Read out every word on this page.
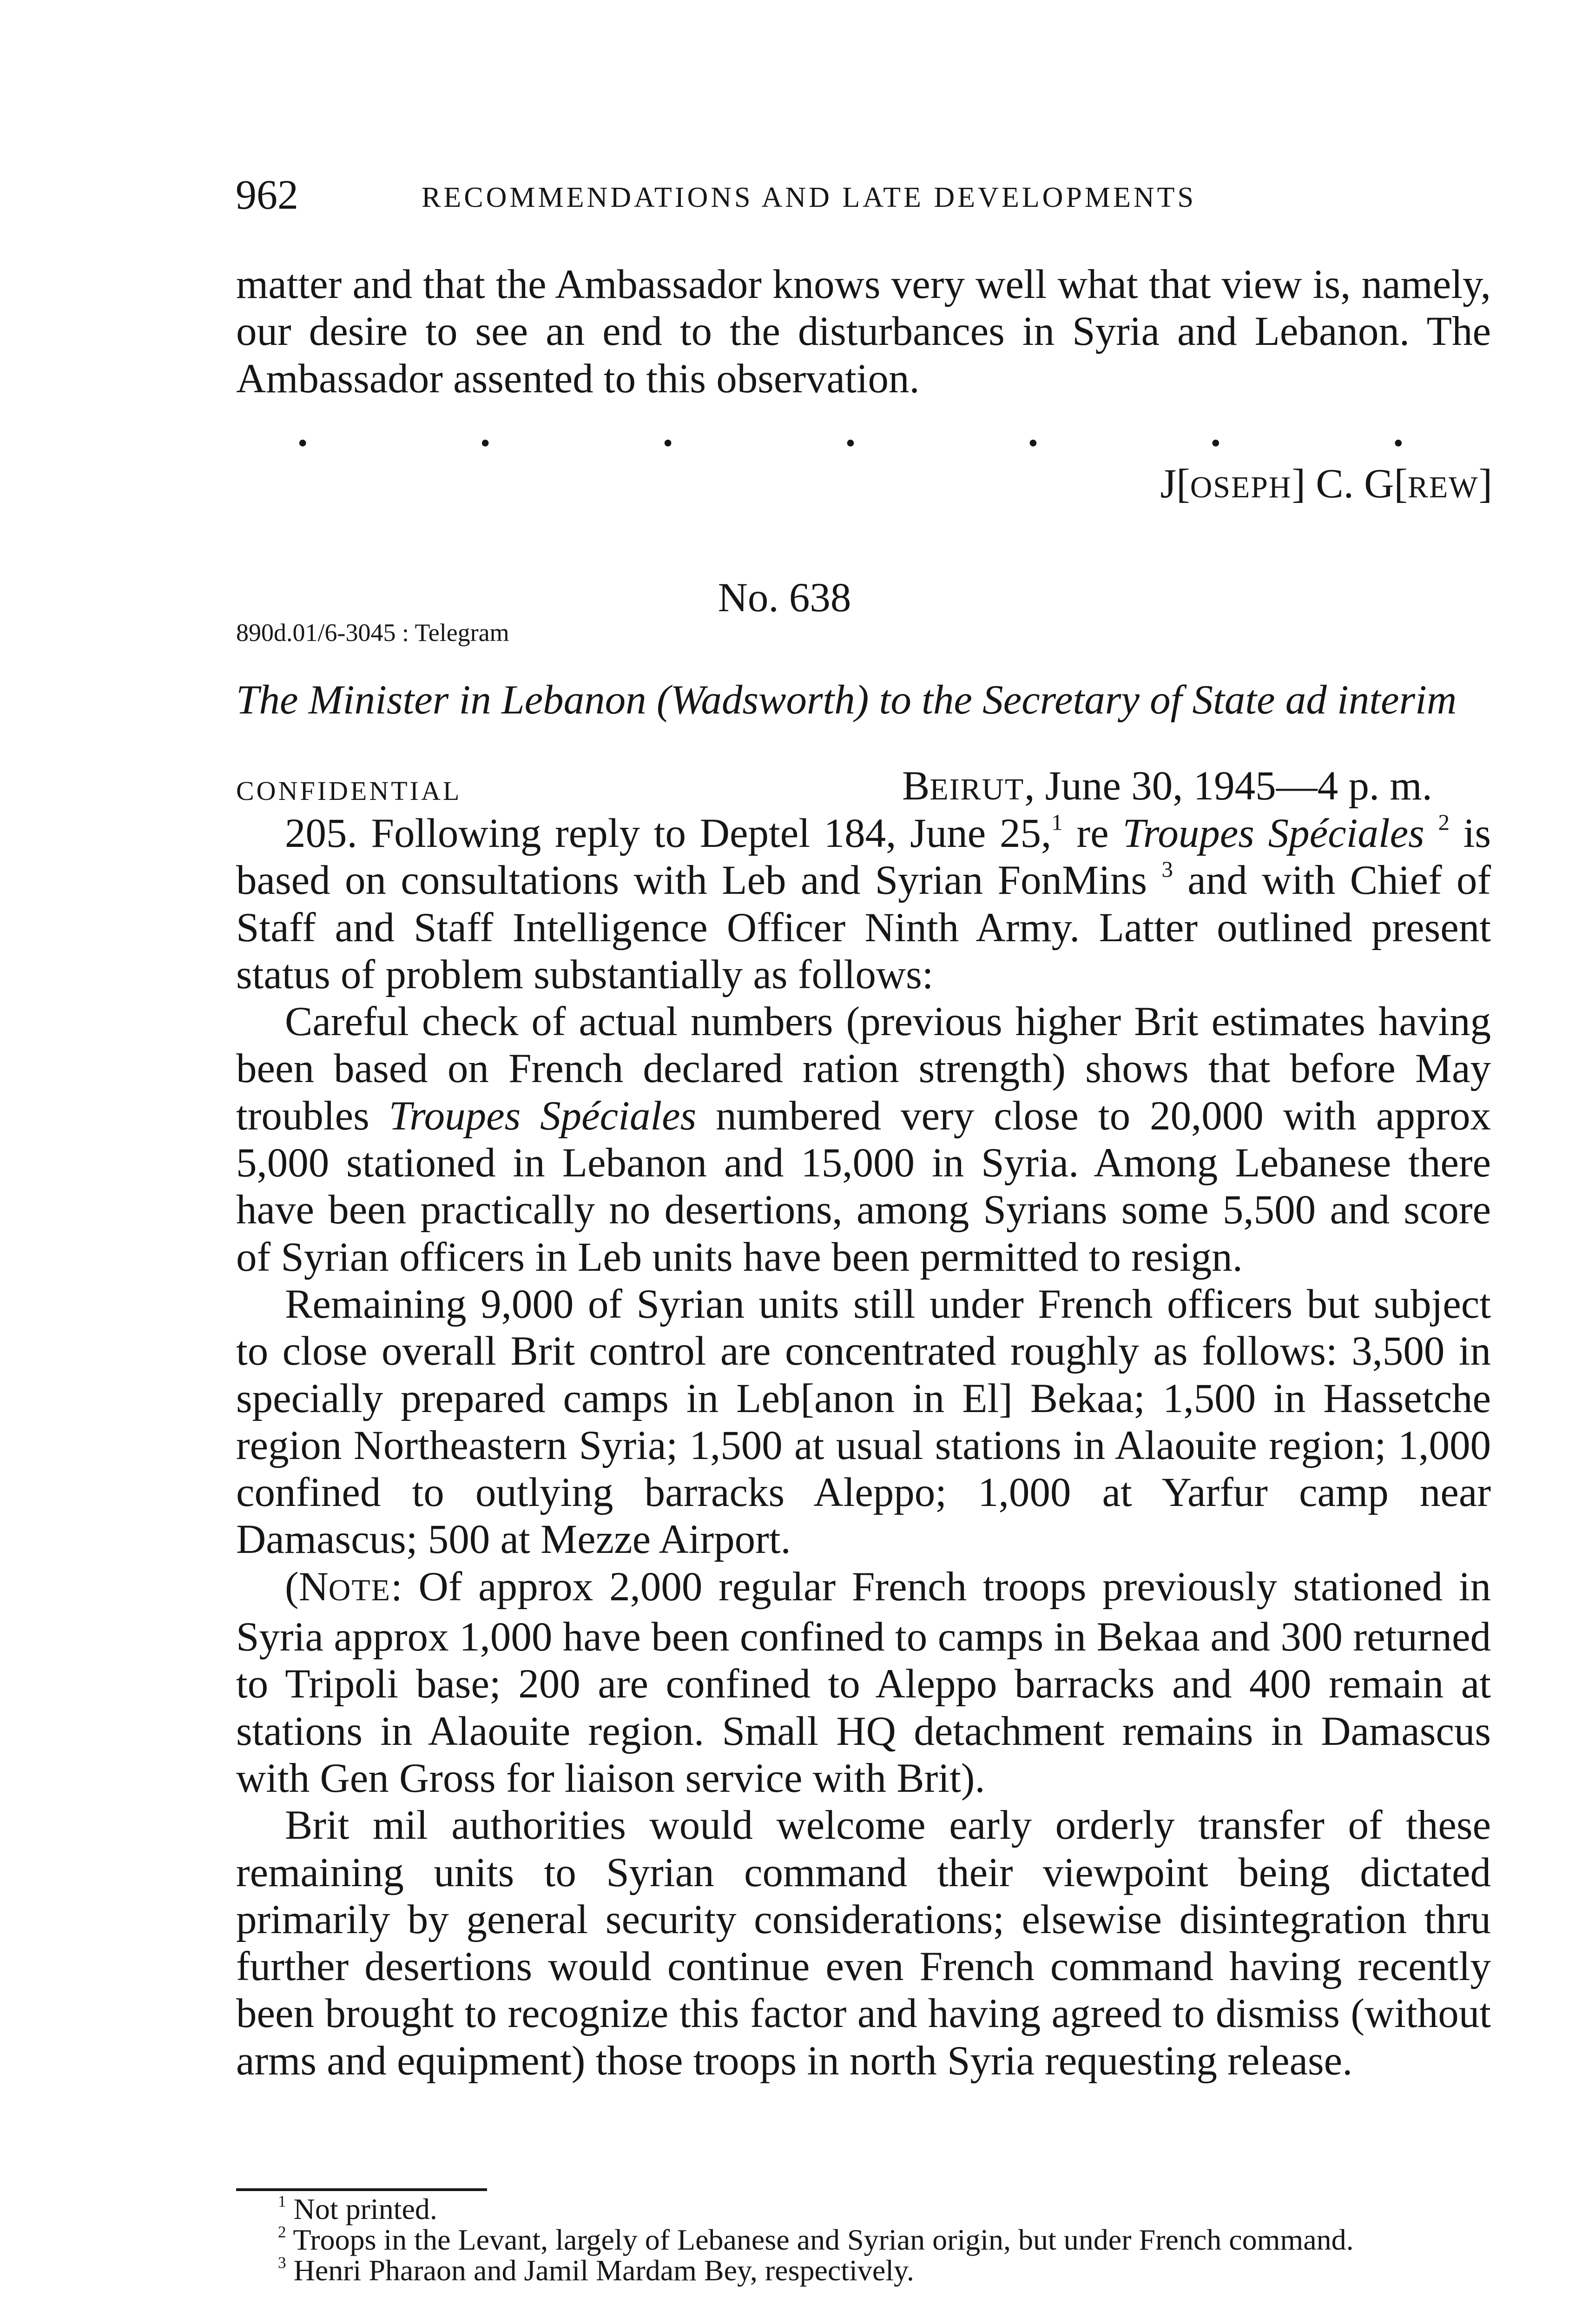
962	RECOMMENDATIONS AND LATE DEVELOPMENTS

matter and that the Ambassador knows very well what that view is, namely, our desire to see an end to the disturbances in Syria and Lebanon. The Ambassador assented to this observation.

.	.	.	.	.	.	.
J[OSEPH] C. G[REW]
No. 638
890d.01/6-3045 : Telegram
The Minister in Lebanon (Wadsworth) to the Secretary of State ad interim
CONFIDENTIAL	BEIRUT, June 30, 1945—4 p. m.

205. Following reply to Deptel 184, June 25,$^1$ re Troupes Spéciales $^2$ is based on consultations with Leb and Syrian FonMins $^3$ and with Chief of Staff and Staff Intelligence Officer Ninth Army. Latter outlined present status of problem substantially as follows:

Careful check of actual numbers (previous higher Brit estimates having been based on French declared ration strength) shows that before May troubles Troupes Spéciales numbered very close to 20,000 with approx 5,000 stationed in Lebanon and 15,000 in Syria. Among Lebanese there have been practically no desertions, among Syrians some 5,500 and score of Syrian officers in Leb units have been permitted to resign.

Remaining 9,000 of Syrian units still under French officers but subject to close overall Brit control are concentrated roughly as follows: 3,500 in specially prepared camps in Leb[anon in El] Bekaa; 1,500 in Hassetche region Northeastern Syria; 1,500 at usual stations in Alaouite region; 1,000 confined to outlying barracks Aleppo; 1,000 at Yarfur camp near Damascus; 500 at Mezze Airport.

(NOTE: Of approx 2,000 regular French troops previously stationed in Syria approx 1,000 have been confined to camps in Bekaa and 300 returned to Tripoli base; 200 are confined to Aleppo barracks and 400 remain at stations in Alaouite region. Small HQ detachment remains in Damascus with Gen Gross for liaison service with Brit).

Brit mil authorities would welcome early orderly transfer of these remaining units to Syrian command their viewpoint being dictated primarily by general security considerations; elsewise disintegration thru further desertions would continue even French command having recently been brought to recognize this factor and having agreed to dismiss (without arms and equipment) those troops in north Syria requesting release.

$^1$ Not printed.

$^2$ Troops in the Levant, largely of Lebanese and Syrian origin, but under French command.

$^3$ Henri Pharaon and Jamil Mardam Bey, respectively.
